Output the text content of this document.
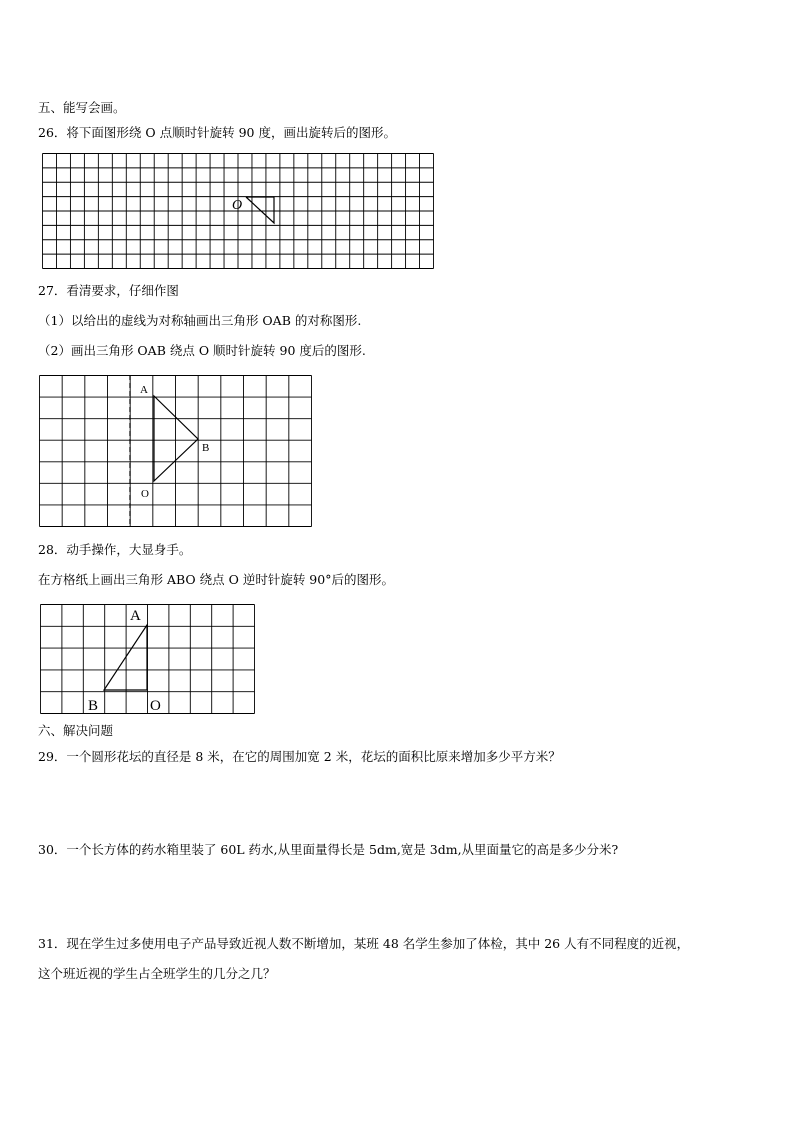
五、能写会画。
26．将下面图形绕 O 点顺时针旋转 90 度，画出旋转后的图形。
O
27．看清要求，仔细作图
（1）以给出的虚线为对称轴画出三角形 OAB 的对称图形.
（2）画出三角形 OAB 绕点 O 顺时针旋转 90 度后的图形.
A
B
O
28．动手操作，大显身手。
在方格纸上画出三角形 ABO 绕点 O 逆时针旋转 90°后的图形。
A
B	O
六、解决问题
29．一个圆形花坛的直径是 8 米，在它的周围加宽 2 米，花坛的面积比原来增加多少平方米？
30．一个长方体的药水箱里装了 60L 药水,从里面量得长是 5dm,宽是 3dm,从里面量它的高是多少分米?
31．现在学生过多使用电子产品导致近视人数不断增加，某班 48 名学生参加了体检，其中 26 人有不同程度的近视，
这个班近视的学生占全班学生的几分之几？
